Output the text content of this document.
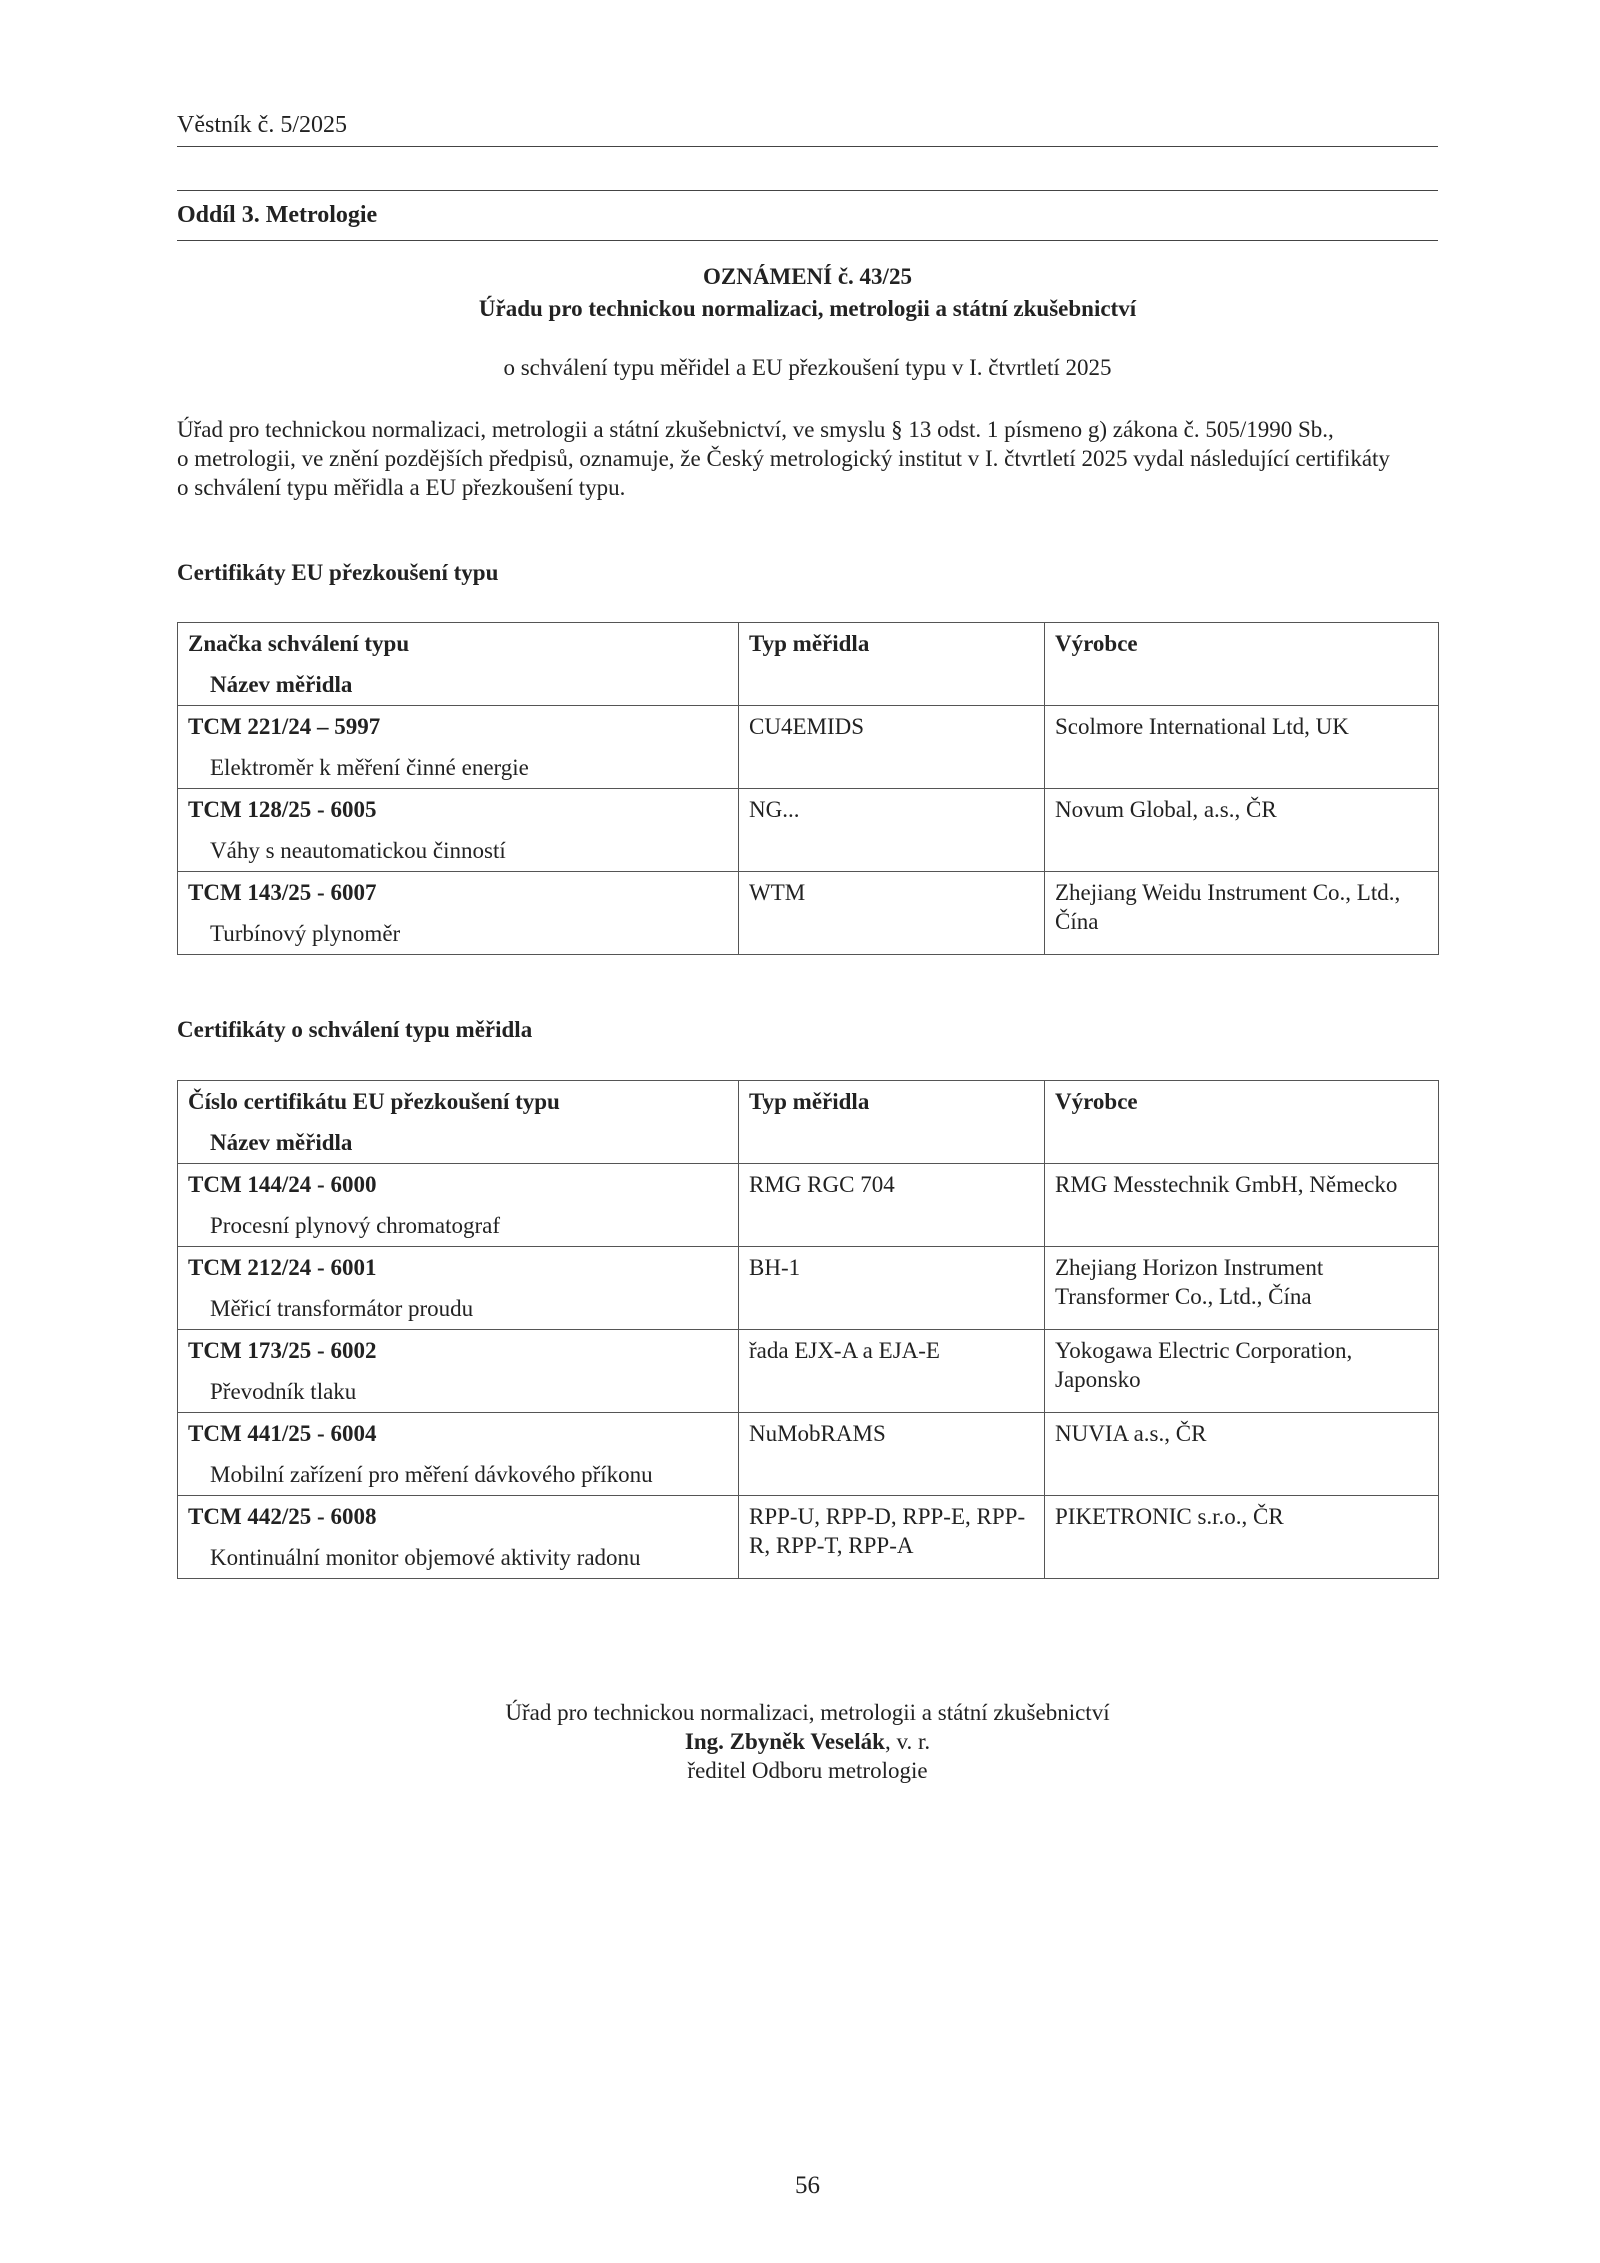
Věstník č. 5/2025
Oddíl 3. Metrologie
OZNÁMENÍ č. 43/25
Úřadu pro technickou normalizaci, metrologii a státní zkušebnictví
o schválení typu měřidel a EU přezkoušení typu v I. čtvrtletí 2025

Úřad pro technickou normalizaci, metrologii a státní zkušebnictví, ve smyslu § 13 odst. 1 písmeno g) zákona č. 505/1990 Sb.,

o metrologii, ve znění pozdějších předpisů, oznamuje, že Český metrologický institut v I. čtvrtletí 2025 vydal následující certifikáty

o schválení typu měřidla a EU přezkoušení typu.

Certifikáty EU přezkoušení typu
Značka schválení typu
Název měřidla	Typ měřidla	Výrobce

TCM 221/24 – 5997
Elektroměr k měření činné energie	CU4EMIDS	Scolmore International Ltd, UK

TCM 128/25 - 6005
Váhy s neautomatickou činností	NG...	Novum Global, a.s., ČR

TCM 143/25 - 6007
Turbínový plynoměr	WTM	Zhejiang Weidu Instrument Co., Ltd., Čína
Certifikáty o schválení typu měřidla
Číslo certifikátu EU přezkoušení typu
Název měřidla	Typ měřidla	Výrobce

TCM 144/24 - 6000
Procesní plynový chromatograf	RMG RGC 704	RMG Messtechnik GmbH, Německo

TCM 212/24 - 6001
Měřicí transformátor proudu	BH-1	Zhejiang Horizon Instrument Transformer Co., Ltd., Čína

TCM 173/25 - 6002
Převodník tlaku	řada EJX-A a EJA-E	Yokogawa Electric Corporation, Japonsko

TCM 441/25 - 6004
Mobilní zařízení pro měření dávkového příkonu	NuMobRAMS	NUVIA a.s., ČR

TCM 442/25 - 6008
Kontinuální monitor objemové aktivity radonu	RPP-U, RPP-D, RPP-E, RPP-R, RPP-T, RPP-A	PIKETRONIC s.r.o., ČR
Úřad pro technickou normalizaci, metrologii a státní zkušebnictví
Ing. Zbyněk Veselák, v. r.
ředitel Odboru metrologie
56
